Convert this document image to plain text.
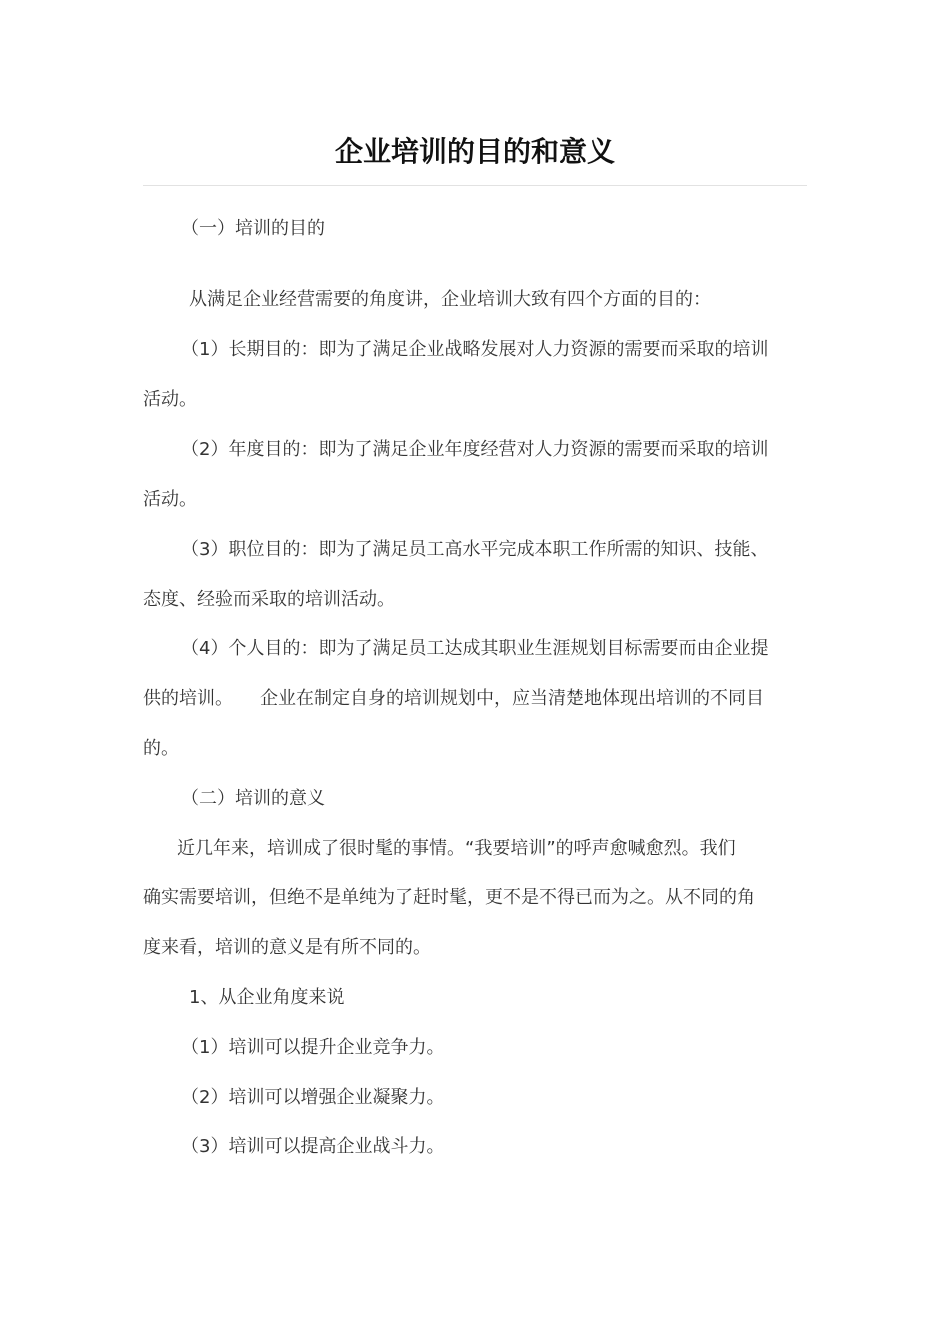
企业培训的目的和意义

（一）培训的目的

从满足企业经营需要的角度讲，企业培训大致有四个方面的目的：

（1）长期目的：即为了满足企业战略发展对人力资源的需要而采取的培训

活动。

（2）年度目的：即为了满足企业年度经营对人力资源的需要而采取的培训

活动。

（3）职位目的：即为了满足员工高水平完成本职工作所需的知识、技能、

态度、经验而采取的培训活动。

（4）个人目的：即为了满足员工达成其职业生涯规划目标需要而由企业提

供的培训。　　企业在制定自身的培训规划中，应当清楚地体现出培训的不同目

的。

（二）培训的意义

近几年来，培训成了很时髦的事情。“我要培训”的呼声愈喊愈烈。我们

确实需要培训，但绝不是单纯为了赶时髦，更不是不得已而为之。从不同的角

度来看，培训的意义是有所不同的。

1、从企业角度来说

（1）培训可以提升企业竞争力。

（2）培训可以增强企业凝聚力。

（3）培训可以提高企业战斗力。
